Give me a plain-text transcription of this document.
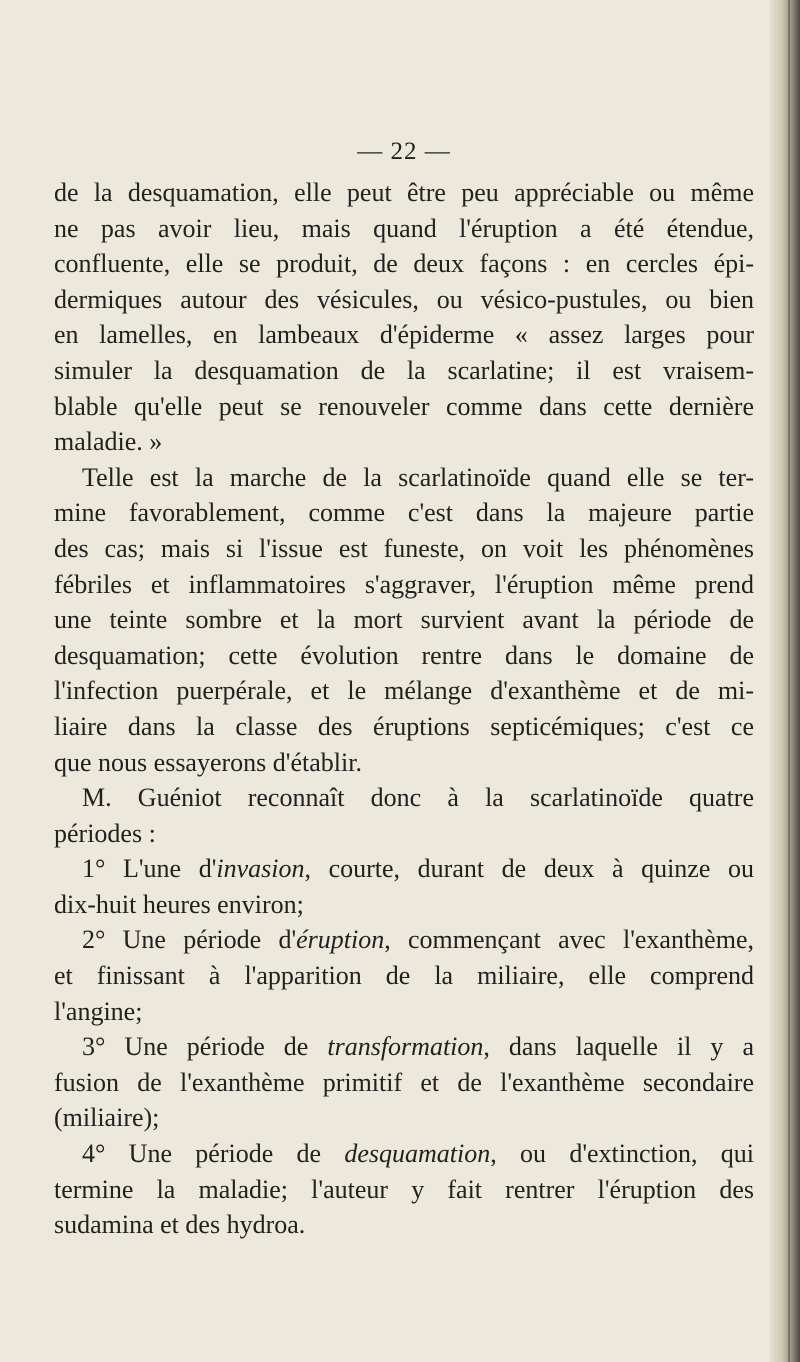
— 22 —
de la desquamation, elle peut être peu appréciable ou même
ne pas avoir lieu, mais quand l'éruption a été étendue,
confluente, elle se produit, de deux façons : en cercles épi-
dermiques autour des vésicules, ou vésico-pustules, ou bien
en lamelles, en lambeaux d'épiderme « assez larges pour
simuler la desquamation de la scarlatine; il est vraisem-
blable qu'elle peut se renouveler comme dans cette dernière
maladie. »
Telle est la marche de la scarlatinoïde quand elle se ter-
mine favorablement, comme c'est dans la majeure partie
des cas; mais si l'issue est funeste, on voit les phénomènes
fébriles et inflammatoires s'aggraver, l'éruption même prend
une teinte sombre et la mort survient avant la période de
desquamation; cette évolution rentre dans le domaine de
l'infection puerpérale, et le mélange d'exanthème et de mi-
liaire dans la classe des éruptions septicémiques; c'est ce
que nous essayerons d'établir.
M. Guéniot reconnaît donc à la scarlatinoïde quatre
périodes :
1° L'une d'invasion, courte, durant de deux à quinze ou
dix-huit heures environ;
2° Une période d'éruption, commençant avec l'exanthème,
et finissant à l'apparition de la miliaire, elle comprend
l'angine;
3° Une période de transformation, dans laquelle il y a
fusion de l'exanthème primitif et de l'exanthème secondaire
(miliaire);
4° Une période de desquamation, ou d'extinction, qui
termine la maladie; l'auteur y fait rentrer l'éruption des
sudamina et des hydroa.
